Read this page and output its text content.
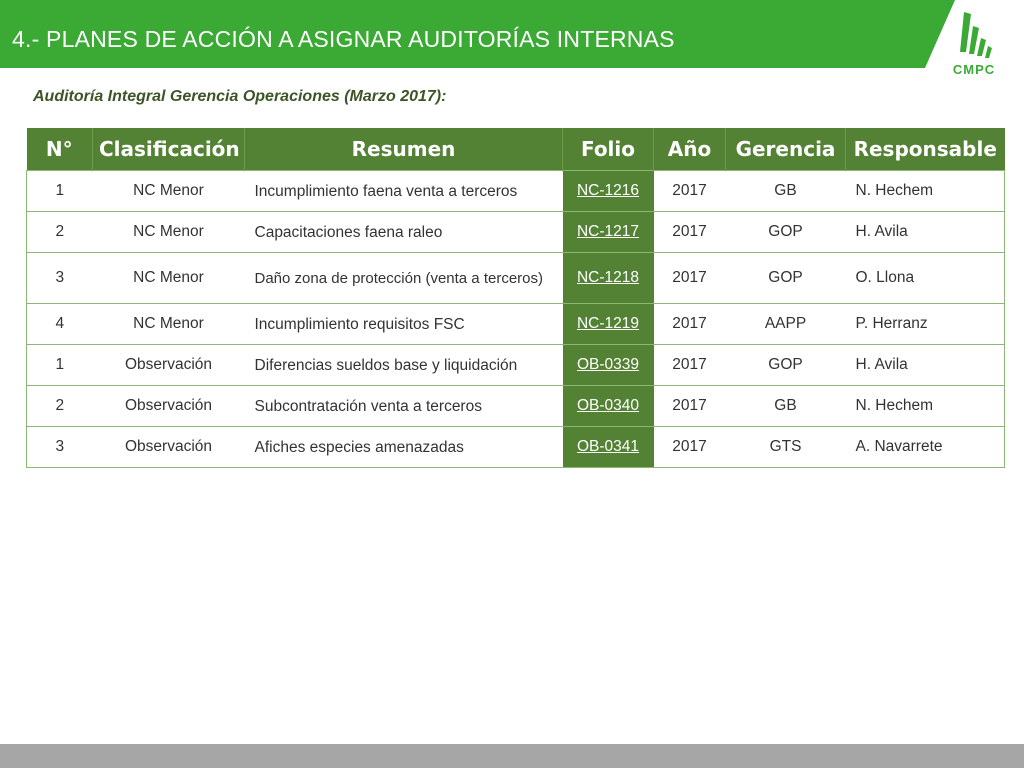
4.- PLANES DE ACCIÓN A ASIGNAR AUDITORÍAS INTERNAS
CMPC
Auditoría Integral Gerencia Operaciones (Marzo 2017):
N°	Clasificación	Resumen	Folio	Año	Gerencia	Responsable
1	NC Menor	Incumplimiento faena venta a terceros	NC-1216	2017	GB	N. Hechem
2	NC Menor	Capacitaciones faena raleo	NC-1217	2017	GOP	H. Avila
3	NC Menor	Daño zona de protección (venta a terceros)	NC-1218	2017	GOP	O. Llona
4	NC Menor	Incumplimiento requisitos FSC	NC-1219	2017	AAPP	P. Herranz
1	Observación	Diferencias sueldos base y liquidación	OB-0339	2017	GOP	H. Avila
2	Observación	Subcontratación venta a terceros	OB-0340	2017	GB	N. Hechem
3	Observación	Afiches especies amenazadas	OB-0341	2017	GTS	A. Navarrete
